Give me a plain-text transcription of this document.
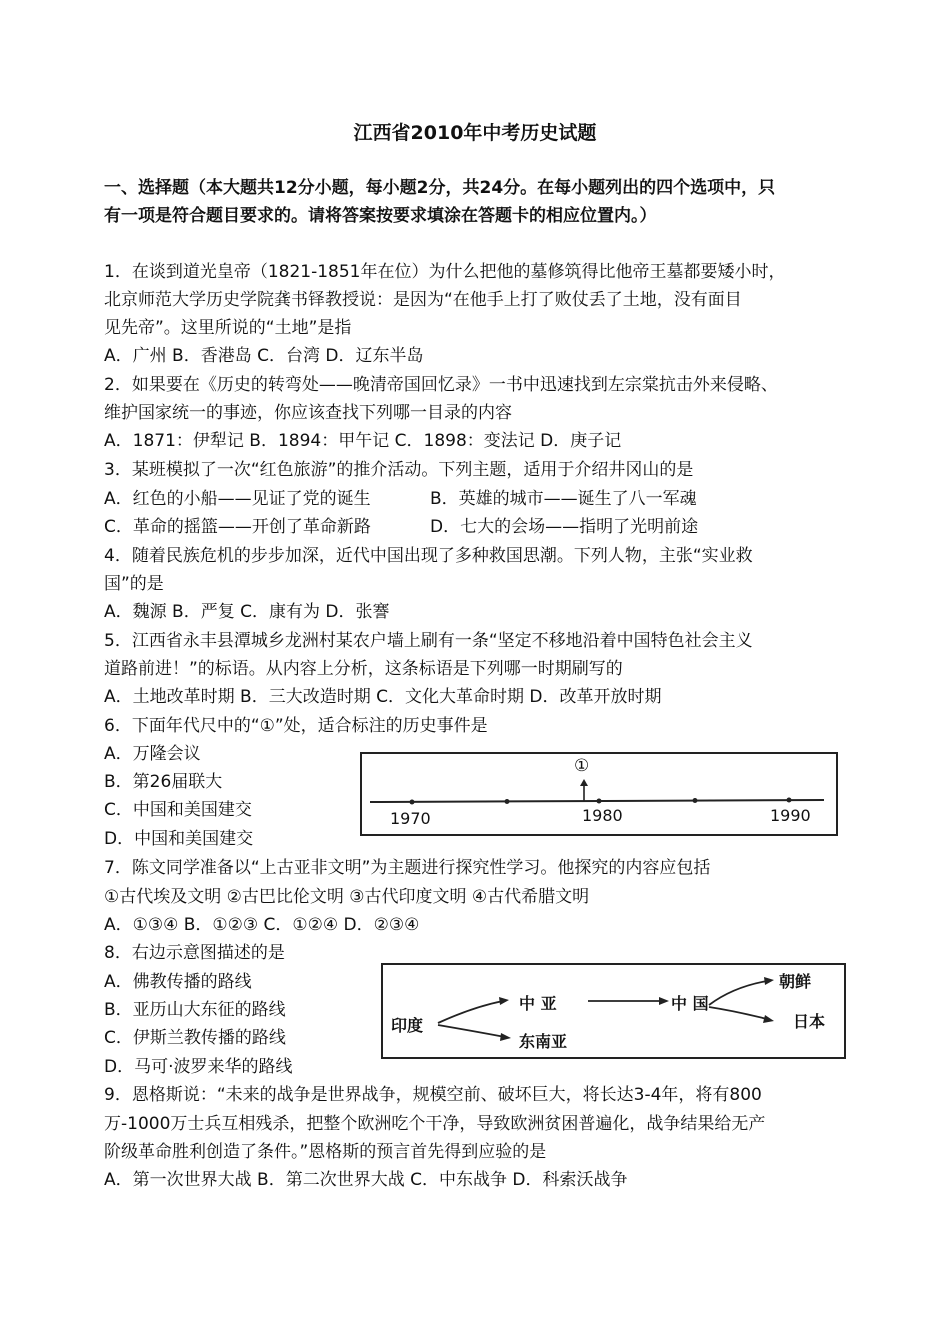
江西省2010年中考历史试题
一、选择题（本大题共12分小题，每小题2分，共24分。在每小题列出的四个选项中，只
有一项是符合题目要求的。请将答案按要求填涂在答题卡的相应位置内。）
1．在谈到道光皇帝（1821-1851年在位）为什么把他的墓修筑得比他帝王墓都要矮小时，
北京师范大学历史学院龚书铎教授说：是因为“在他手上打了败仗丢了土地，没有面目
见先帝”。这里所说的“土地”是指
A．广州 B．香港岛 C．台湾 D．辽东半岛
2．如果要在《历史的转弯处——晚清帝国回忆录》一书中迅速找到左宗棠抗击外来侵略、
维护国家统一的事迹，你应该查找下列哪一目录的内容
A．1871：伊犁记 B．1894：甲午记 C．1898：变法记 D．庚子记
3．某班模拟了一次“红色旅游”的推介活动。下列主题，适用于介绍井冈山的是
A．红色的小船——见证了党的诞生	B．英雄的城市——诞生了八一军魂
C．革命的摇篮——开创了革命新路	D．七大的会场——指明了光明前途
4．随着民族危机的步步加深，近代中国出现了多种救国思潮。下列人物，主张“实业救
国”的是
A．魏源 B．严复 C．康有为 D．张謇
5．江西省永丰县潭城乡龙洲村某农户墙上刷有一条“坚定不移地沿着中国特色社会主义
道路前进！”的标语。从内容上分析，这条标语是下列哪一时期刷写的
A．土地改革时期 B．三大改造时期 C．文化大革命时期 D．改革开放时期
6．下面年代尺中的“①”处，适合标注的历史事件是
A．万隆会议
B．第26届联大
C．中国和美国建交
D．中国和美国建交
①
1970	1980	1990
7．陈文同学准备以“上古亚非文明”为主题进行探究性学习。他探究的内容应包括
①古代埃及文明 ②古巴比伦文明 ③古代印度文明 ④古代希腊文明
A．①③④ B．①②③ C．①②④ D．②③④
8．右边示意图描述的是
A．佛教传播的路线
B．亚历山大东征的路线
C．伊斯兰教传播的路线
D．马可·波罗来华的路线
印度
中 亚
东南亚
中 国
朝鲜
日本
9．恩格斯说：“未来的战争是世界战争，规模空前、破坏巨大，将长达3-4年，将有800
万-1000万士兵互相残杀，把整个欧洲吃个干净，导致欧洲贫困普遍化，战争结果给无产
阶级革命胜利创造了条件。”恩格斯的预言首先得到应验的是
A．第一次世界大战 B．第二次世界大战 C．中东战争 D．科索沃战争
